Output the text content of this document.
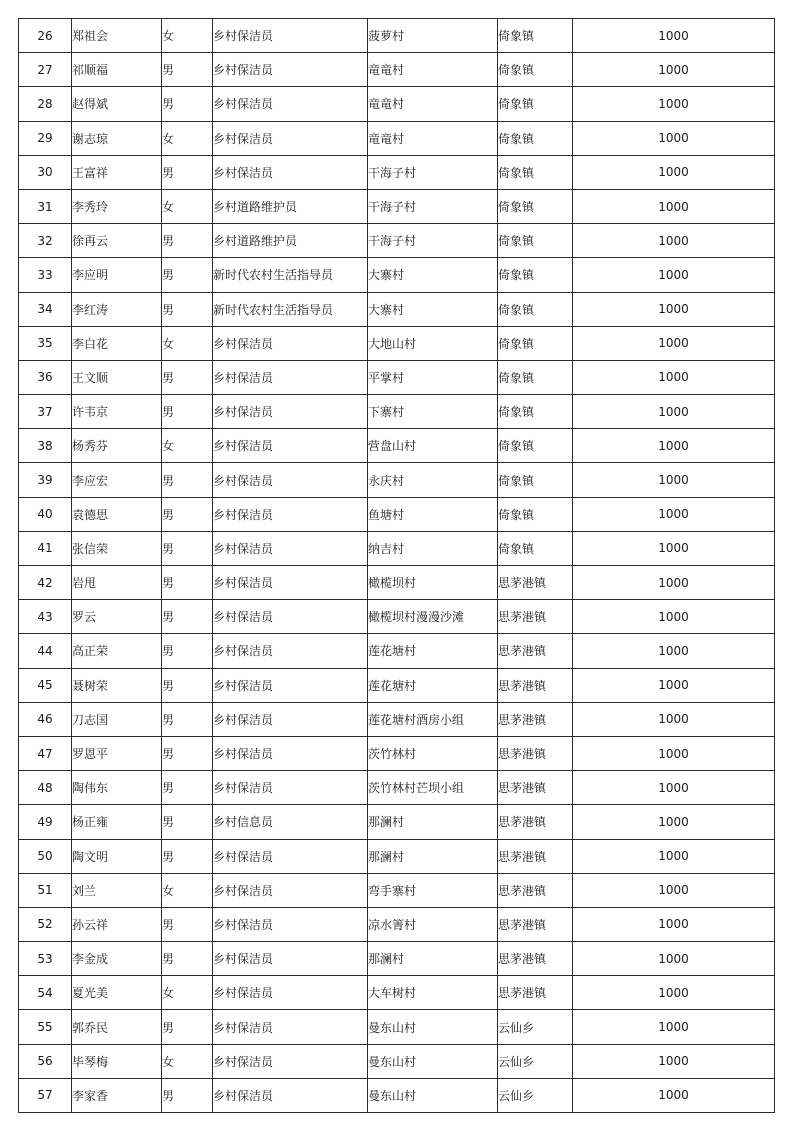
26	郑祖会	女	乡村保洁员	菠萝村	倚象镇	1000
27	祁顺福	男	乡村保洁员	竜竜村	倚象镇	1000
28	赵得斌	男	乡村保洁员	竜竜村	倚象镇	1000
29	谢志琼	女	乡村保洁员	竜竜村	倚象镇	1000
30	王富祥	男	乡村保洁员	干海子村	倚象镇	1000
31	李秀玲	女	乡村道路维护员	干海子村	倚象镇	1000
32	徐再云	男	乡村道路维护员	干海子村	倚象镇	1000
33	李应明	男	新时代农村生活指导员	大寨村	倚象镇	1000
34	李红涛	男	新时代农村生活指导员	大寨村	倚象镇	1000
35	李白花	女	乡村保洁员	大地山村	倚象镇	1000
36	王文顺	男	乡村保洁员	平掌村	倚象镇	1000
37	许韦京	男	乡村保洁员	下寨村	倚象镇	1000
38	杨秀芬	女	乡村保洁员	营盘山村	倚象镇	1000
39	李应宏	男	乡村保洁员	永庆村	倚象镇	1000
40	袁德思	男	乡村保洁员	鱼塘村	倚象镇	1000
41	张信荣	男	乡村保洁员	纳吉村	倚象镇	1000
42	岩甩	男	乡村保洁员	橄榄坝村	思茅港镇	1000
43	罗云	男	乡村保洁员	橄榄坝村漫漫沙滩	思茅港镇	1000
44	高正荣	男	乡村保洁员	莲花塘村	思茅港镇	1000
45	聂树荣	男	乡村保洁员	莲花塘村	思茅港镇	1000
46	刀志国	男	乡村保洁员	莲花塘村酒房小组	思茅港镇	1000
47	罗恩平	男	乡村保洁员	茨竹林村	思茅港镇	1000
48	陶伟东	男	乡村保洁员	茨竹林村芒坝小组	思茅港镇	1000
49	杨正雍	男	乡村信息员	那澜村	思茅港镇	1000
50	陶文明	男	乡村保洁员	那澜村	思茅港镇	1000
51	刘兰	女	乡村保洁员	弯手寨村	思茅港镇	1000
52	孙云祥	男	乡村保洁员	凉水箐村	思茅港镇	1000
53	李金成	男	乡村保洁员	那澜村	思茅港镇	1000
54	夏光美	女	乡村保洁员	大车树村	思茅港镇	1000
55	郭乔民	男	乡村保洁员	曼东山村	云仙乡	1000
56	毕琴梅	女	乡村保洁员	曼东山村	云仙乡	1000
57	李家香	男	乡村保洁员	曼东山村	云仙乡	1000
